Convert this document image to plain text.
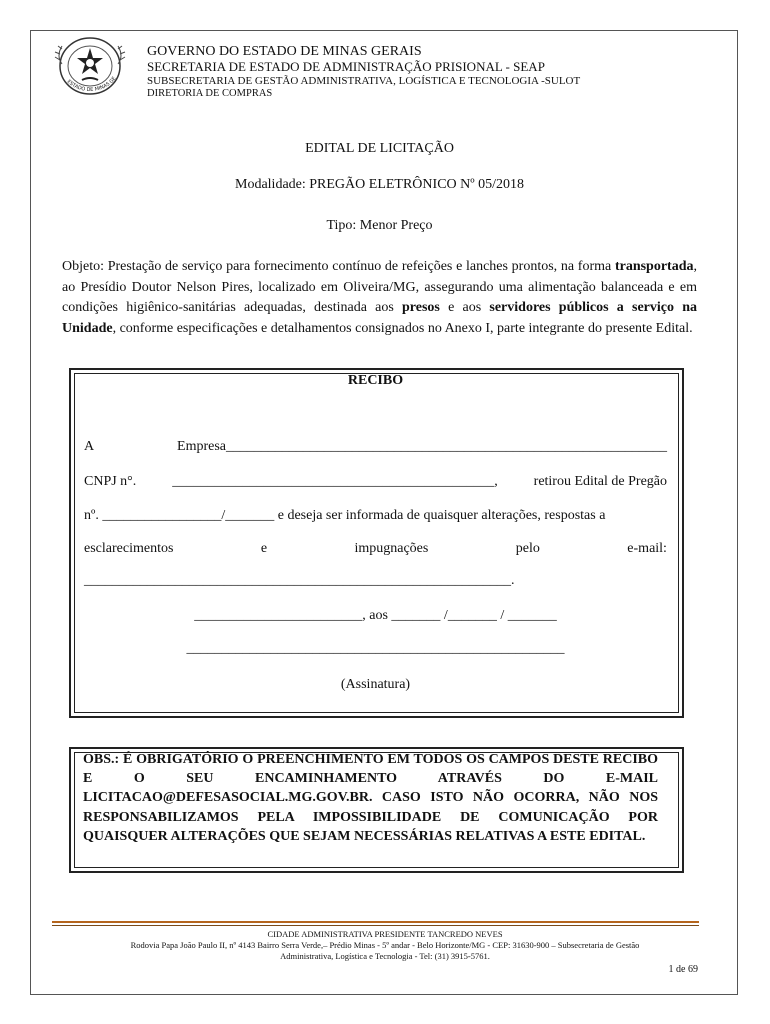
ESTADO DE MINAS GE
GOVERNO DO ESTADO DE MINAS GERAIS
SECRETARIA DE ESTADO DE ADMINISTRAÇÃO PRISIONAL - SEAP
SUBSECRETARIA DE GESTÃO ADMINISTRATIVA, LOGÍSTICA E TECNOLOGIA -SULOT
DIRETORIA DE COMPRAS
EDITAL DE LICITAÇÃO
Modalidade: PREGÃO ELETRÔNICO Nº 05/2018
Tipo: Menor Preço
Objeto: Prestação de serviço para fornecimento contínuo de refeições e lanches prontos, na forma transportada, ao Presídio Doutor Nelson Pires, localizado em Oliveira/MG, assegurando uma alimentação balanceada e em condições higiênico-sanitárias adequadas, destinada aos presos e aos servidores públicos a serviço na Unidade, conforme especificações e detalhamentos consignados no Anexo I, parte integrante do presente Edital.
RECIBO
A	Empresa_______________________________________________________________
CNPJ n°.	______________________________________________,	retirou Edital de Pregão
nº. _________________/_______ e deseja ser informada de quaisquer alterações, respostas a
esclarecimentos	e	impugnações	pelo	e-mail:
_____________________________________________________________.
________________________, aos _______ /_______ / _______
______________________________________________________
(Assinatura)
OBS.: É OBRIGATÓRIO O PREENCHIMENTO EM TODOS OS CAMPOS DESTE RECIBO E O SEU ENCAMINHAMENTO ATRAVÉS DO E-MAIL LICITACAO@DEFESASOCIAL.MG.GOV.BR. CASO ISTO NÃO OCORRA, NÃO NOS RESPONSABILIZAMOS PELA IMPOSSIBILIDADE DE COMUNICAÇÃO POR QUAISQUER ALTERAÇÕES QUE SEJAM NECESSÁRIAS RELATIVAS A ESTE EDITAL.
CIDADE ADMINISTRATIVA PRESIDENTE TANCREDO NEVES
Rodovia Papa João Paulo II, nº 4143 Bairro Serra Verde,– Prédio Minas - 5º andar - Belo Horizonte/MG - CEP: 31630-900 – Subsecretaria de Gestão
Administrativa, Logística e Tecnologia - Tel: (31) 3915-5761.
1 de 69
